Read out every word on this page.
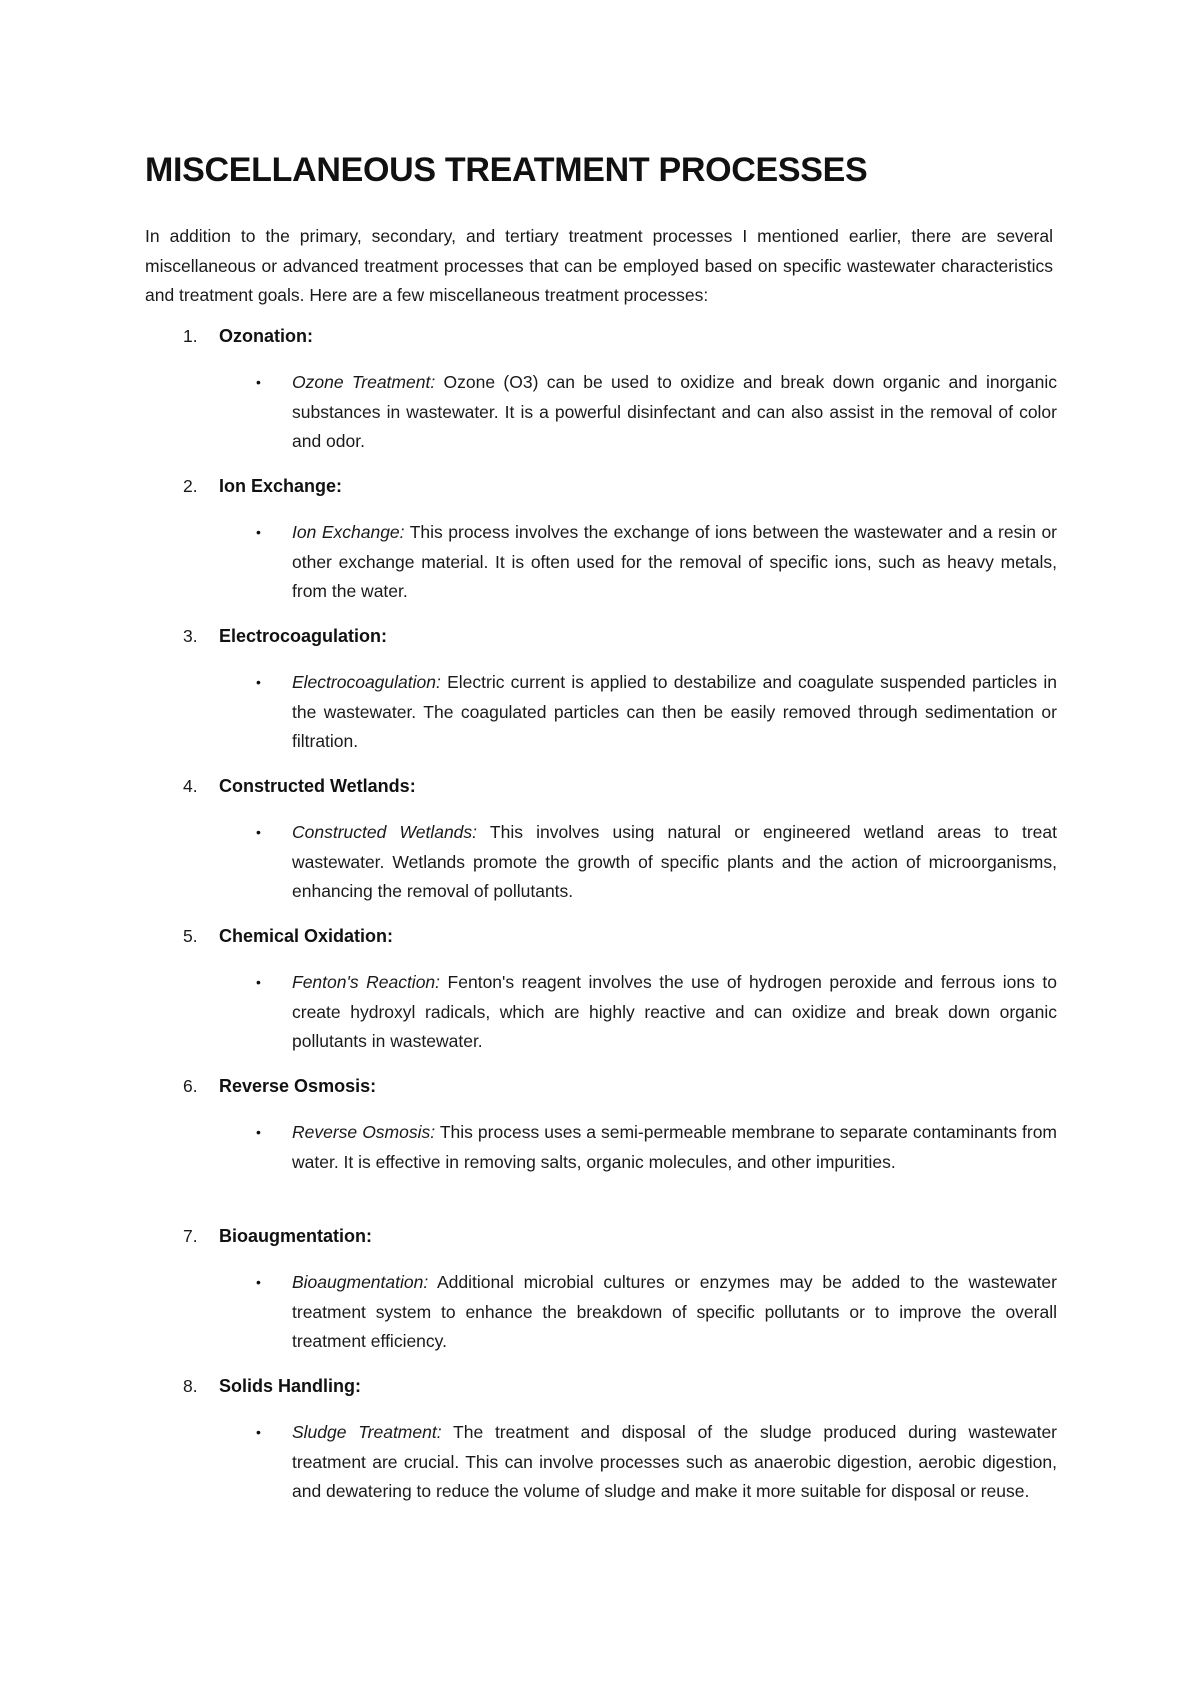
MISCELLANEOUS TREATMENT PROCESSES

In addition to the primary, secondary, and tertiary treatment processes I mentioned earlier, there are several miscellaneous or advanced treatment processes that can be employed based on specific wastewater characteristics and treatment goals. Here are a few miscellaneous treatment processes:

1. Ozonation:
• Ozone Treatment: Ozone (O3) can be used to oxidize and break down organic and inorganic substances in wastewater. It is a powerful disinfectant and can also assist in the removal of color and odor.

2. Ion Exchange:
• Ion Exchange: This process involves the exchange of ions between the wastewater and a resin or other exchange material. It is often used for the removal of specific ions, such as heavy metals, from the water.

3. Electrocoagulation:
• Electrocoagulation: Electric current is applied to destabilize and coagulate suspended particles in the wastewater. The coagulated particles can then be easily removed through sedimentation or filtration.

4. Constructed Wetlands:
• Constructed Wetlands: This involves using natural or engineered wetland areas to treat wastewater. Wetlands promote the growth of specific plants and the action of microorganisms, enhancing the removal of pollutants.

5. Chemical Oxidation:
• Fenton's Reaction: Fenton's reagent involves the use of hydrogen peroxide and ferrous ions to create hydroxyl radicals, which are highly reactive and can oxidize and break down organic pollutants in wastewater.

6. Reverse Osmosis:
• Reverse Osmosis: This process uses a semi-permeable membrane to separate contaminants from water. It is effective in removing salts, organic molecules, and other impurities.

7. Bioaugmentation:
• Bioaugmentation: Additional microbial cultures or enzymes may be added to the wastewater treatment system to enhance the breakdown of specific pollutants or to improve the overall treatment efficiency.

8. Solids Handling:
• Sludge Treatment: The treatment and disposal of the sludge produced during wastewater treatment are crucial. This can involve processes such as anaerobic digestion, aerobic digestion, and dewatering to reduce the volume of sludge and make it more suitable for disposal or reuse.
